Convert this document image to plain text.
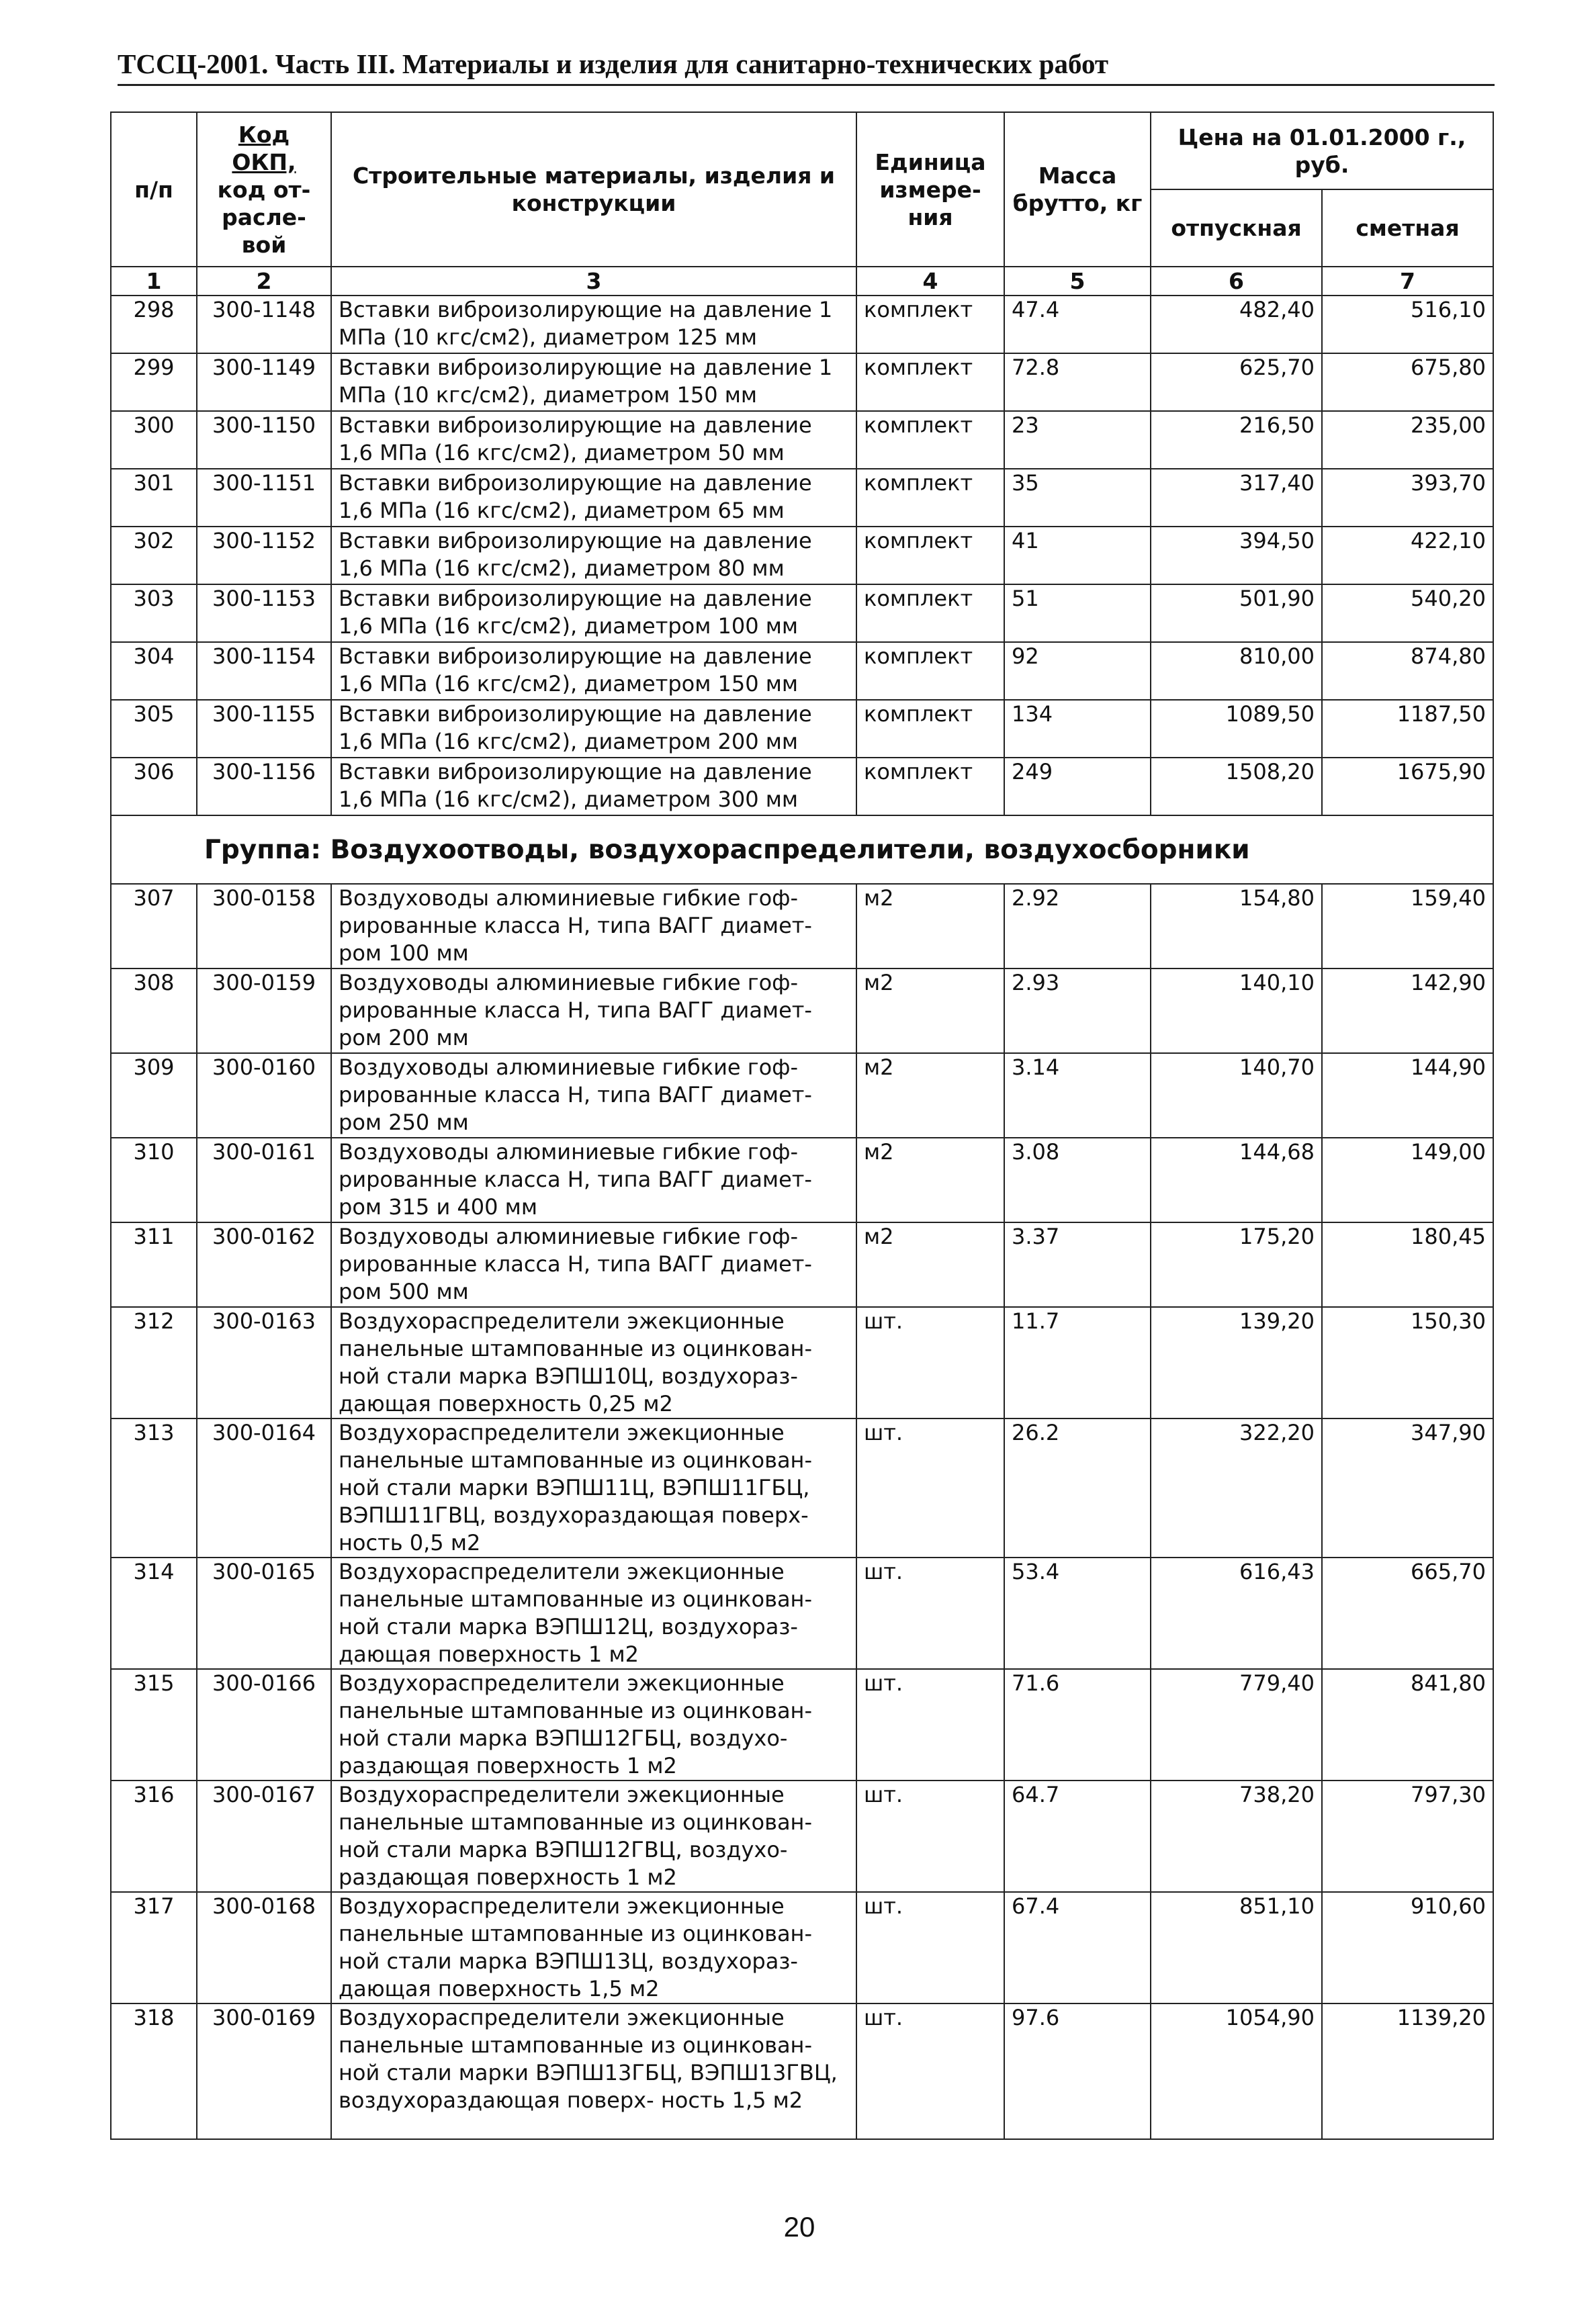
ТССЦ-2001. Часть III. Материалы и изделия для санитарно-технических работ
п/п	Код
ОКП,
код от-
расле-
вой	Строительные материалы, изделия и конструкции	Единица измере- ния	Масса брутто, кг	Цена на 01.01.2000 г., руб.	
					отпускная	сметная
1	2	3	4	5	6	7
298	300-1148	Вставки виброизолирующие на давление 1 МПа (10 кгс/см2), диаметром 125 мм	комплект	47.4	482,40	516,10
299	300-1149	Вставки виброизолирующие на давление 1 МПа (10 кгс/см2), диаметром 150 мм	комплект	72.8	625,70	675,80
300	300-1150	Вставки виброизолирующие на давление 1,6 МПа (16 кгс/см2), диаметром 50 мм	комплект	23	216,50	235,00
301	300-1151	Вставки виброизолирующие на давление 1,6 МПа (16 кгс/см2), диаметром 65 мм	комплект	35	317,40	393,70
302	300-1152	Вставки виброизолирующие на давление 1,6 МПа (16 кгс/см2), диаметром 80 мм	комплект	41	394,50	422,10
303	300-1153	Вставки виброизолирующие на давление 1,6 МПа (16 кгс/см2), диаметром 100 мм	комплект	51	501,90	540,20
304	300-1154	Вставки виброизолирующие на давление 1,6 МПа (16 кгс/см2), диаметром 150 мм	комплект	92	810,00	874,80
305	300-1155	Вставки виброизолирующие на давление 1,6 МПа (16 кгс/см2), диаметром 200 мм	комплект	134	1089,50	1187,50
306	300-1156	Вставки виброизолирующие на давление 1,6 МПа (16 кгс/см2), диаметром 300 мм	комплект	249	1508,20	1675,90
Группа: Воздухоотводы, воздухораспределители, воздухосборники						
307	300-0158	Воздуховоды алюминиевые гибкие гоф- рированные класса Н, типа ВАГГ диамет- ром 100 мм	м2	2.92	154,80	159,40
308	300-0159	Воздуховоды алюминиевые гибкие гоф- рированные класса Н, типа ВАГГ диамет- ром 200 мм	м2	2.93	140,10	142,90
309	300-0160	Воздуховоды алюминиевые гибкие гоф- рированные класса Н, типа ВАГГ диамет- ром 250 мм	м2	3.14	140,70	144,90
310	300-0161	Воздуховоды алюминиевые гибкие гоф- рированные класса Н, типа ВАГГ диамет- ром 315 и 400 мм	м2	3.08	144,68	149,00
311	300-0162	Воздуховоды алюминиевые гибкие гоф- рированные класса Н, типа ВАГГ диамет- ром 500 мм	м2	3.37	175,20	180,45
312	300-0163	Воздухораспределители эжекционные панельные штампованные из оцинкован- ной стали марка ВЭПШ10Ц, воздухораз- дающая поверхность 0,25 м2	шт.	11.7	139,20	150,30
313	300-0164	Воздухораспределители эжекционные панельные штампованные из оцинкован- ной стали марки ВЭПШ11Ц, ВЭПШ11ГБЦ, ВЭПШ11ГВЦ, воздухораздающая поверх- ность 0,5 м2	шт.	26.2	322,20	347,90
314	300-0165	Воздухораспределители эжекционные панельные штампованные из оцинкован- ной стали марка ВЭПШ12Ц, воздухораз- дающая поверхность 1 м2	шт.	53.4	616,43	665,70
315	300-0166	Воздухораспределители эжекционные панельные штампованные из оцинкован- ной стали марка ВЭПШ12ГБЦ, воздухо- раздающая поверхность 1 м2	шт.	71.6	779,40	841,80
316	300-0167	Воздухораспределители эжекционные панельные штампованные из оцинкован- ной стали марка ВЭПШ12ГВЦ, воздухо- раздающая поверхность 1 м2	шт.	64.7	738,20	797,30
317	300-0168	Воздухораспределители эжекционные панельные штампованные из оцинкован- ной стали марка ВЭПШ13Ц, воздухораз- дающая поверхность 1,5 м2	шт.	67.4	851,10	910,60
318	300-0169	Воздухораспределители эжекционные панельные штампованные из оцинкован- ной стали марки ВЭПШ13ГБЦ, ВЭПШ13ГВЦ, воздухораздающая поверх- ность 1,5 м2	шт.	97.6	1054,90	1139,20
20
